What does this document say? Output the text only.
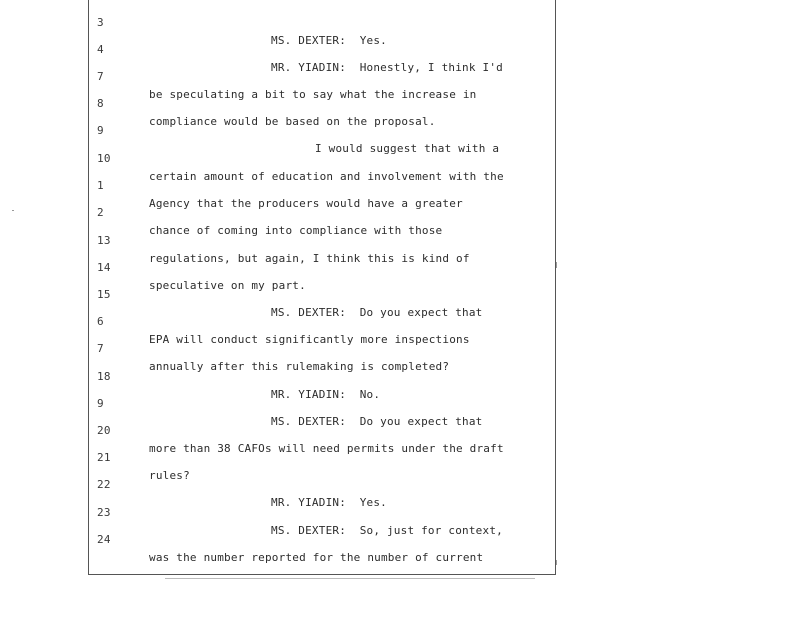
3

MS. DEXTER:  Yes.

4

MR. YIADIN:  Honestly, I think I'd

7

be speculating a bit to say what the increase in

8

compliance would be based on the proposal.

9

I would suggest that with a

10

certain amount of education and involvement with the

1

Agency that the producers would have a greater

2

chance of coming into compliance with those

13

regulations, but again, I think this is kind of

14

speculative on my part.

15

MS. DEXTER:  Do you expect that

6

EPA will conduct significantly more inspections

7

annually after this rulemaking is completed?

18

MR. YIADIN:  No.

9

MS. DEXTER:  Do you expect that

20

more than 38 CAFOs will need permits under the draft

21

rules?

22

MR. YIADIN:  Yes.

23

MS. DEXTER:  So, just for context,

24

was the number reported for the number of current
